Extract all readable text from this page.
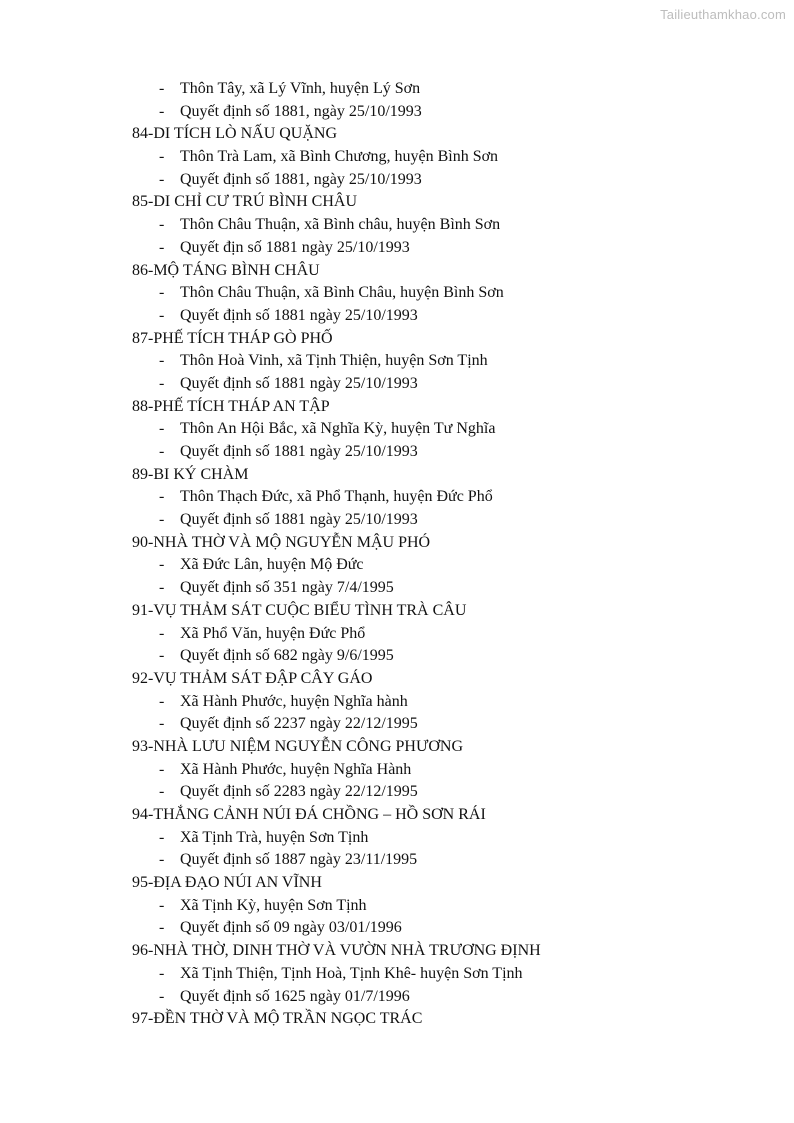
Tailieuthamkhao.com
- Thôn Tây, xã Lý Vĩnh, huyện Lý Sơn
- Quyết định số 1881, ngày 25/10/1993
84-DI TÍCH LÒ NẤU QUẶNG
- Thôn Trà Lam, xã Bình Chương, huyện Bình Sơn
- Quyết định số 1881, ngày 25/10/1993
85-DI CHỈ CƯ TRÚ BÌNH CHÂU
- Thôn Châu Thuận, xã Bình châu, huyện Bình Sơn
- Quyết địn số 1881 ngày 25/10/1993
86-MỘ TÁNG BÌNH CHÂU
- Thôn Châu Thuận, xã Bình Châu, huyện Bình Sơn
- Quyết định số 1881 ngày 25/10/1993
87-PHẾ TÍCH THÁP GÒ PHỐ
- Thôn Hoà Vinh, xã Tịnh Thiện, huyện Sơn Tịnh
- Quyết định số 1881 ngày 25/10/1993
88-PHẾ TÍCH THÁP AN TẬP
- Thôn An Hội Bắc, xã Nghĩa Kỳ, huyện Tư Nghĩa
- Quyết định số 1881 ngày 25/10/1993
89-BI KÝ CHÀM
- Thôn Thạch Đức, xã Phổ Thạnh, huyện Đức Phổ
- Quyết định số 1881 ngày 25/10/1993
90-NHÀ THỜ VÀ MỘ NGUYỄN MẬU PHÓ
- Xã Đức Lân, huyện Mộ Đức
- Quyết định số 351 ngày 7/4/1995
91-VỤ THẢM SÁT CUỘC BIỂU TÌNH TRÀ CÂU
- Xã Phổ Văn, huyện Đức Phổ
- Quyết định số 682 ngày 9/6/1995
92-VỤ THẢM SÁT ĐẬP CÂY GÁO
- Xã Hành Phước, huyện Nghĩa hành
- Quyết định số 2237 ngày 22/12/1995
93-NHÀ LƯU NIỆM NGUYỄN CÔNG PHƯƠNG
- Xã Hành Phước, huyện Nghĩa Hành
- Quyết định số 2283 ngày 22/12/1995
94-THẮNG CẢNH NÚI ĐÁ CHỒNG – HỒ SƠN RÁI
- Xã Tịnh Trà, huyện Sơn Tịnh
- Quyết định số 1887 ngày 23/11/1995
95-ĐỊA ĐẠO NÚI AN VĨNH
- Xã Tịnh Kỳ, huyện Sơn Tịnh
- Quyết định số 09 ngày 03/01/1996
96-NHÀ THỜ, DINH THỜ VÀ VƯỜN NHÀ TRƯƠNG ĐỊNH
- Xã Tịnh Thiện, Tịnh Hoà, Tịnh Khê- huyện Sơn Tịnh
- Quyết định số 1625 ngày 01/7/1996
97-ĐỀN THỜ VÀ MỘ TRẦN NGỌC TRÁC
